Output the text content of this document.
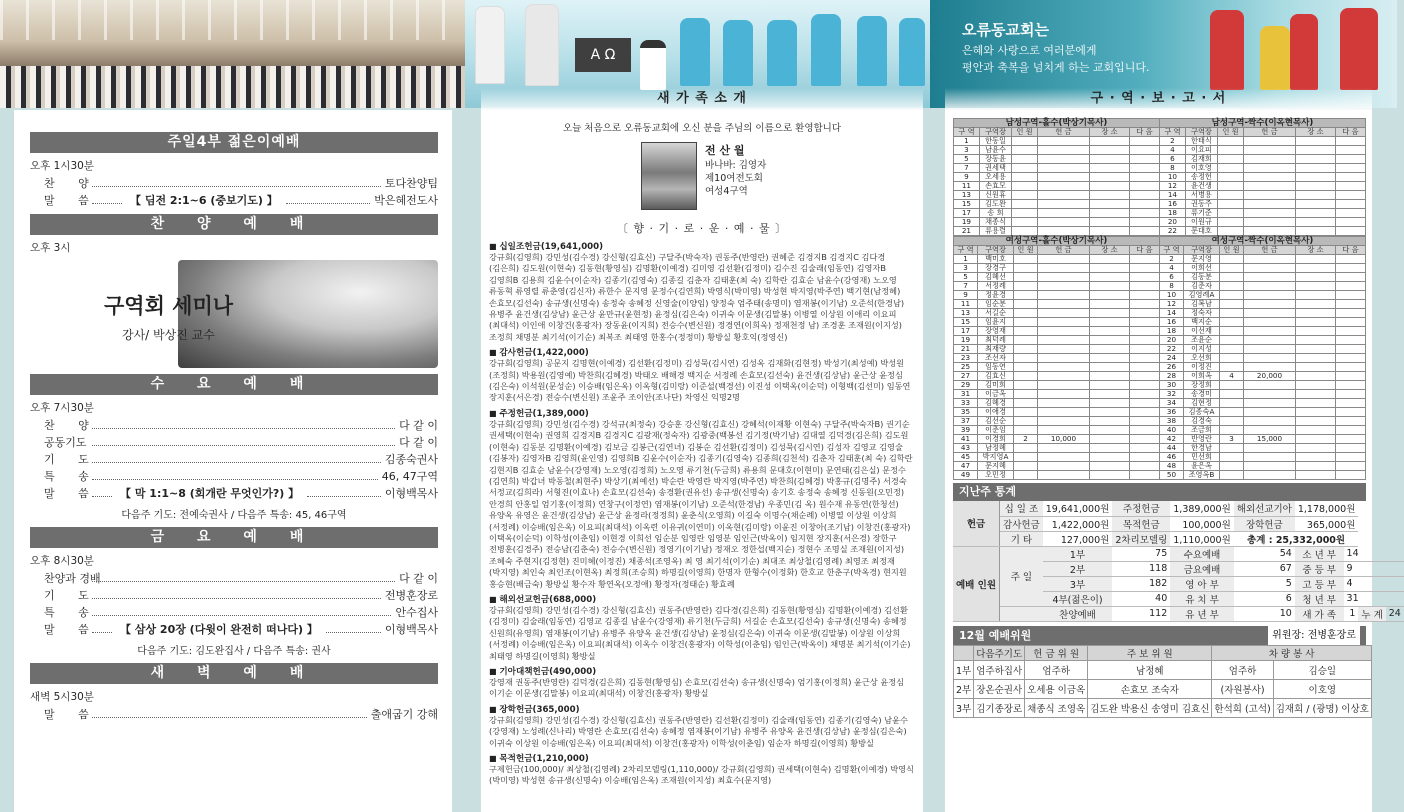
A Ω
오류동교회는
은혜와 사랑으로 여러분에게
평안과 축복을 넘치게 하는 교회입니다.
새 가 족 소 개	구 · 역 · 보 · 고 · 서
주일4부 젊은이예배
오후 1시30분
찬 양	토다찬양팀
말 씀	【 딤전 2:1~6 (중보기도) 】	박은혜전도사
찬 양 예 배
오후 3시
구역회 세미나
강사/ 박상진 교수
수 요 예 배
오후 7시30분
찬 양	다 같 이
공동기도	다 같 이
기 도	김종숙권사
특 송	46, 47구역
말 씀	【 막 1:1~8 (회개란 무엇인가?) 】	이형백목사
다음주 기도: 전예숙권사 / 다음주 특송: 45, 46구역
금 요 예 배
오후 8시30분
찬양과 경배	다 같 이
기 도	전병훈장로
특 송	안수집사
말 씀	【 삼상 20장 (다윗이 완전히 떠나다) 】	이형백목사
다음주 기도: 김도완집사 / 다음주 특송: 권사
새 벽 예 배
새벽 5시30분
말 씀	출애굽기 강해
오늘 처음으로 오류동교회에 오신 분을 주님의 이름으로 환영합니다
전 산 월
바나바: 김영자
제10여전도회
여성4구역
〔 향 · 기 · 로 · 운 · 예 · 물 〕
■ 십일조헌금(19,641,000)
강규회(김영희) 강민성(김수경) 강신형(김효신) 구달주(박숙자) 권동주(반영란) 권혜준 김경지B 김경지C 김다경(김은희) 김도원(이현숙) 김동현(황영심) 김명환(이예경) 김미영 김선환(김정미) 김수진 김술래(임동연) 김영자B 김영희B 김용희 김윤수(이순자) 김종기(김영숙) 김종길 김춘자 김태훈(최 숙) 김학란 김효순 남윤수(강영재) 노오영 류동혁 류영렬 류춘영(김신자) 류한수 문지영 문정수(김연희) 박영식(박미영) 박성현 박지영(박주연) 백기현(남정혜) 손효모(김선숙) 송규생(신명숙) 송정숙 송혜정 신영술(이양임) 양정숙 엄주태(송명미) 염재봉(이기남) 오준석(한경남) 유병주 윤건생(김상남) 윤근상 윤만규(윤현정) 윤정심(김은숙) 이귀숙 이문생(김말봉) 이병열 이상원 이애리 이요피(최대석) 이인애 이창건(홍광자) 장동윤(이지희) 전승수(변신원) 정경연(이희욱) 정재천정 남) 조경훈 조재원(이지성) 조정희 채명분 최기석(이기순) 최복조 최태영 한홍수(정정미) 황방실 황호익(정영신)
■ 감사헌금(1,422,000)
강규회(김영희) 공문지 김명현(이예경) 김선환(김정미) 김성묵(김시연) 김성옥 김재화(김현정) 박성기(최성예) 박성원(조정희) 박용원(김영예) 박찬희(김혜경) 박태오 배해경 백지순 서정례 손효모(김선숙) 윤건생(김상남) 윤근상 윤정심(김은숙) 이석원(문성순) 이승배(임은옥) 이옥형(김미랑) 이준설(백경선) 이진성 이택옥(이순덕) 이형백(김선미) 임동연 장지훈(서은경) 전승수(변신원) 조윤주 조이안(조나단) 차영신 익명2명
■ 주정헌금(1,389,000)
강규회(김영희) 강민성(김수경) 강석규(최정숙) 강승훈 강신형(김효신) 강혜석(이재황 이현숙) 구달주(박숙자B) 권기순 권세택(이현숙) 권영희 김경지B 김경지C 김광재(정숙자) 김광중(백봉선 김기정(박기남) 김대열 김덕경(김은희) 김도원(이현숙) 김동분 김명환(이예경) 김보금 김봉근(김연녀) 김봉순 김선환(김정미) 김성묵(김시연) 김성자 김영교 김영술(김봉자) 김영자B 김영희(윤인영) 김영희B 김윤수(이순자) 김종기(김영숙) 김종희(김천석) 김춘자 김태훈(최 숙) 김학란 김현지B 김효순 남윤수(강영재) 노오영(김정희) 노오영 류기천(두금희) 류용희 문대호(이현미) 문연태(김은실) 문정수(김연희) 박갑녀 박동철(최현주) 박상기(최예선) 박순란 박영란 박지영(박주연) 박찬희(김혜경) 박홍규(김명주) 서경숙 서정교(김희라) 서형진(이효나) 손효모(김선숙) 송경환(권유선) 송규생(신명숙) 송기호 송정숙 송혜정 신동원(오민정) 안경희 안홍일 엄기홍(이정희) 연창구(이정연) 염재봉(이기남) 오준석(한경남) 우종민(김 옥) 원수재 유동연(한청선) 유양옥 유영은 윤건생(김상남) 윤근상 윤정라(정정희) 윤춘식(오영희) 이길숙 이명수(채순례) 이병열 이상원 이상희(서정례) 이승배(임은옥) 이요피(최대석) 이옥련 이유귀(이연미) 이옥현(김미랑) 이윤진 이창아(조기남) 이창건(홍광자) 이택옥(이순덕) 이학성(이춘임) 이현경 이희선 임순분 임영란 임영분 임인근(박옥이) 임지현 장지훈(서은경) 장한구 전병훈(김경주) 전승남(김춘숙) 전승수(변신원) 정영기(이기남) 정재오 정한섭(백지순) 정현수 조명실 조재원(이지성) 조혜숙 주현지(김정현) 진미혜(이정진) 채종석(조영옥) 최 영 최기석(이기순) 최대조 최상철(김영례) 최영조 최정재(박지영) 최인숙 최인조(이현옥) 최정희(조승희) 하명길(이영희) 한명자 한형수(이정화) 한호교 한춘구(박옥경) 현지원 홍승현(배금숙) 황방실 황수자 황연옥(오정애) 황정자(정태순) 황효례
■ 해외선교헌금(688,000)
강규회(김영희) 강민성(김수경) 강신형(김효신) 권동주(반영란) 김다경(김은희) 김동현(황영심) 김명환(이예경) 김선환(김정미) 김술래(임동연) 김영교 김종길 남윤수(강영재) 류기천(두금희) 서길순 손효모(김선숙) 송규생(신명숙) 송혜정 신원희(유영희) 염재봉(이기남) 유병주 유양옥 윤건생(김상남) 윤정심(김은숙) 이귀숙 이문생(김말봉) 이상원 이상희(서정례) 이승배(임은옥) 이요피(최대석) 이옥수 이창건(홍광자) 이학성(이춘임) 임인근(박옥이) 채명분 최기석(이기순) 최태영 하명길(이영희) 황방실
■ 기아대책헌금(490,000)
강영재 권동주(반영란) 김덕경(김은희) 김동현(황영심) 손효모(김선숙) 송규생(신명숙) 엄기홍(이정희) 윤근상 윤정심 이기순 이문생(김말봉) 이요피(최대석) 이창건(홍광자) 황방실
■ 장학헌금(365,000)
강규회(김영희) 강민성(김수경) 강신형(김효신) 권동주(반영란) 김선환(김정미) 김술래(임동연) 김종기(김영숙) 남윤수(강영재) 노성례(신나리) 박영란 손효모(김선숙) 송혜정 염재봉(이기남) 유병주 유양옥 윤건생(김상남) 윤정심(김은숙) 이귀숙 이상원 이승배(임은옥) 이요피(최대석) 이창건(홍광자) 이학성(이춘임) 임순자 하명길(이영희) 황방실
■ 목적헌금(1,210,000)
구제헌금(100,000)/ 최상철(김영례) 2차리모델링(1,110,000)/ 강규회(김영희) 권세택(이현숙) 김명환(이예경) 박영식(박미영) 박성현 송규생(신명숙) 이승배(임은옥) 조재원(이지성) 최효수(문지영)
남성구역-홀수(박상기목사)						남성구역-짝수(이옥현목사)					
구 역	구역장	인 원	헌 금	장 소	다 음	구 역	구역장	인 원	헌 금	장 소	다 음
1	한동일					2	한태식				
3	남윤수					4	이요피				
5	장동윤					6	김재희				
7	권세택					8	이호영				
9	오세용					10	송정헌				
11	손효모					12	윤건생				
13	신원휴					14	서병용				
15	김도완					16	권동주				
17	송 희					18	류기준				
19	채종식					20	이원규				
21	류용렬					22	문대호				
여성구역-홀수(박상기목사)						여성구역-짝수(이옥현목사)					
구 역	구역장	인 원	헌 금	장 소	다 음	구 역	구역장	인 원	헌 금	장 소	다 음
1	백미호					2	문지영				
3	장경구					4	이희선				
5	김혜선					6	김동분				
7	서정례					8	김춘자				
9	정윤경					10	김영례A				
11	임순분					12	김복남				
13	서길순					14	정숙자				
15	임윤지					16	백지순				
17	장영재					18	이선재				
19	최덕례					20	조윤순				
21	최재량					22	이지성				
23	조선자					24	오선희				
25	임동연					26	이정진				
27	김효신					28	이희옥	4	20,000		
29	김미희					30	장정희				
31	이금옥					32	송경미				
33	김혜경					34	김현정				
35	이애경					36	김종숙A				
37	김선순					38	김경숙				
39	이춘임					40	조금희				
41	이경희	2	10,000			42	반영란	3	15,000		
43	남정혜					44	한경남				
45	박지영A					46	민선희				
47	문지혜					48	윤은옥				
49	오민정					50	조영옥B				
지난주 통계
헌금	십 일 조	19,641,000원	주정헌금	1,389,000원	해외선교기아	1,178,000원			
	감사헌금	1,422,000원	목적헌금	100,000원	장학헌금	365,000원			
	기 타	127,000원	2차리모델링	1,110,000원	총계 : 25,332,000원				
예배 인원	주 일	1부	75	수요예배	54	소 년 부	14		
		2부	118	금요예배	67	중 등 부	9		
		3부	182	영 아 부	5	고 등 부	4		
		4부(젊은이)	40	유 치 부	6	청 년 부	31		
		찬양예배	112	유 년 부	10	새 가 족	1	누 계	24
12월 예배위원	위원장: 전병훈장로
	다음주기도	헌 금 위 원	주 보 위 원	차 량 봉 사	
1부	엄주하집사	엄주하	남정혜	엄주하	김승일
2부	장온순권사	오세용 이금옥	손효모 조숙자	(자원봉사)	이호영
3부	김기종장로	채종식 조영옥	김도완 박용신 송영미 김효신	한석희 (고석)	김재희 / (광명) 이상호
